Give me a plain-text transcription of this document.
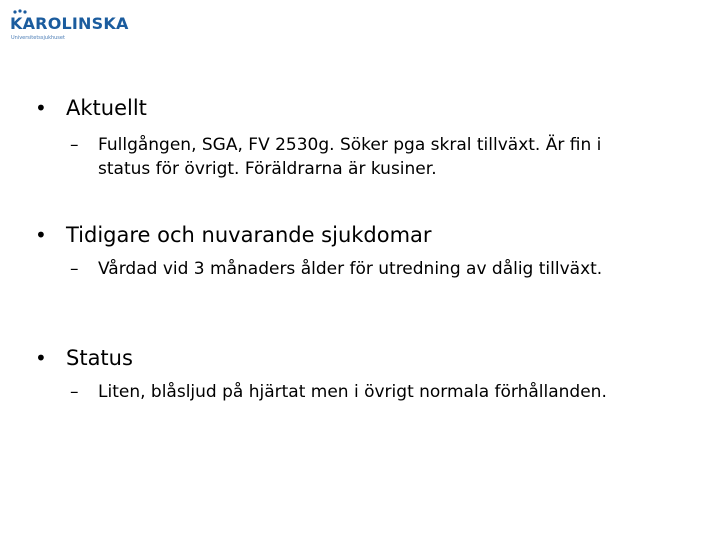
KAROLINSKA
Universitetssjukhuset
• Aktuellt
– Fullgången, SGA, FV 2530g. Söker pga skral tillväxt. Är fin i status för övrigt. Föräldrarna är kusiner.
• Tidigare och nuvarande sjukdomar
– Vårdad vid 3 månaders ålder för utredning av dålig tillväxt.
• Status
– Liten, blåsljud på hjärtat men i övrigt normala förhållanden.
